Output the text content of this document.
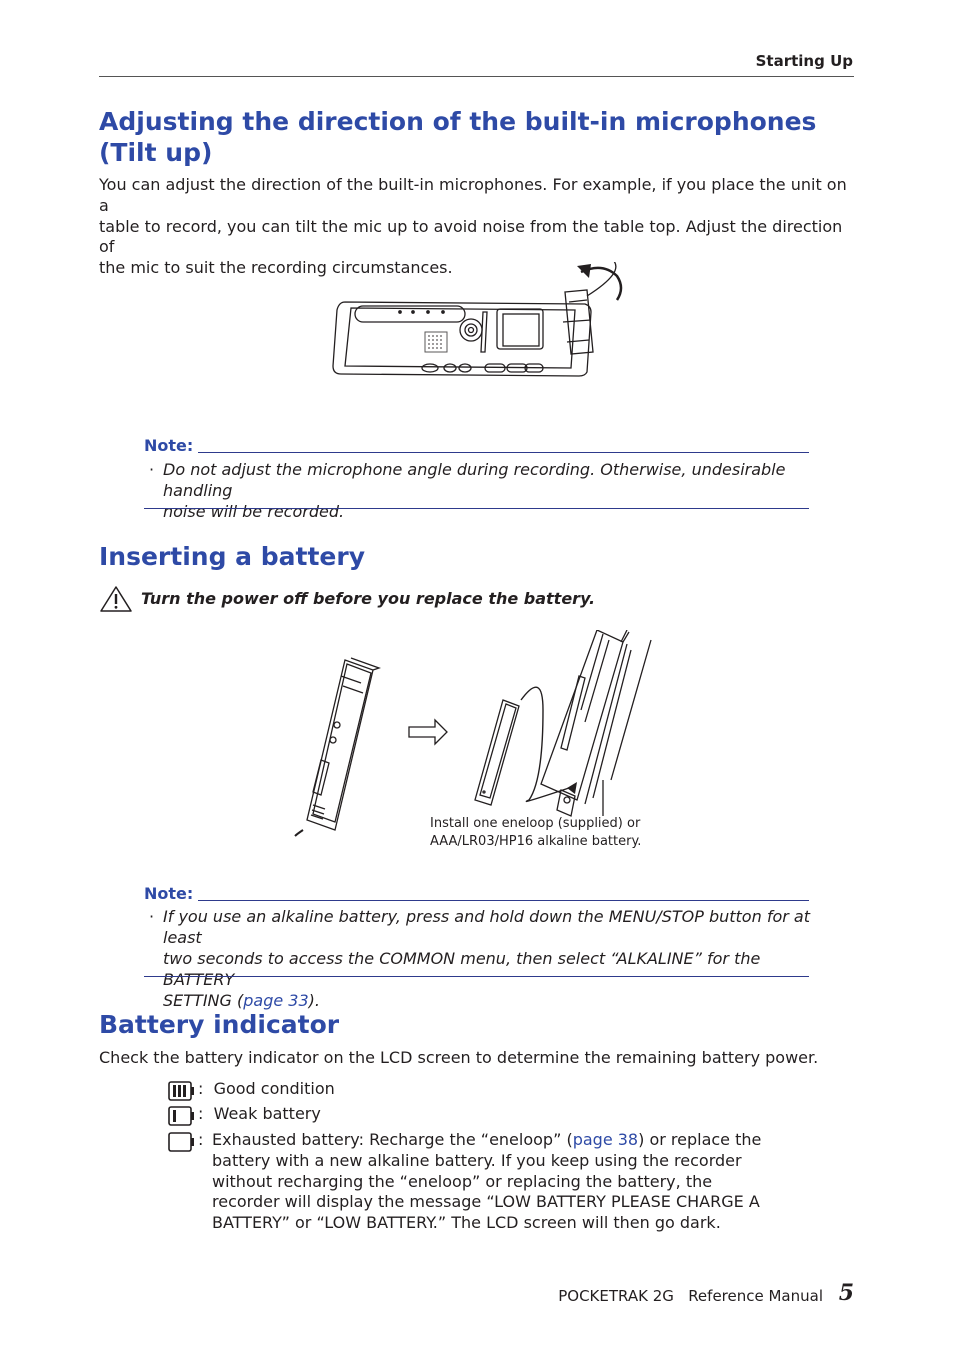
Starting Up
Adjusting the direction of the built-in microphones
(Tilt up)
You can adjust the direction of the built-in microphones. For example, if you place the unit on a
table to record, you can tilt the mic up to avoid noise from the table top. Adjust the direction of
the mic to suit the recording circumstances.
Note:
· Do not adjust the microphone angle during recording. Otherwise, undesirable handling
noise will be recorded.
Inserting a battery
Turn the power off before you replace the battery.
Install one eneloop (supplied) or
AAA/LR03/HP16 alkaline battery.
Note:
· If you use an alkaline battery, press and hold down the MENU/STOP button for at least
two seconds to access the COMMON menu, then select “ALKALINE” for the BATTERY
SETTING (page 33).
Battery indicator
Check the battery indicator on the LCD screen to determine the remaining battery power.
:  Good condition
:  Weak battery
: Exhausted battery: Recharge the “eneloop” (page 38) or replace the
battery with a new alkaline battery. If you keep using the recorder
without recharging the “eneloop” or replacing the battery, the
recorder will display the message “LOW BATTERY PLEASE CHARGE A
BATTERY” or “LOW BATTERY.” The LCD screen will then go dark.
POCKETRAK 2G Reference Manual 5
